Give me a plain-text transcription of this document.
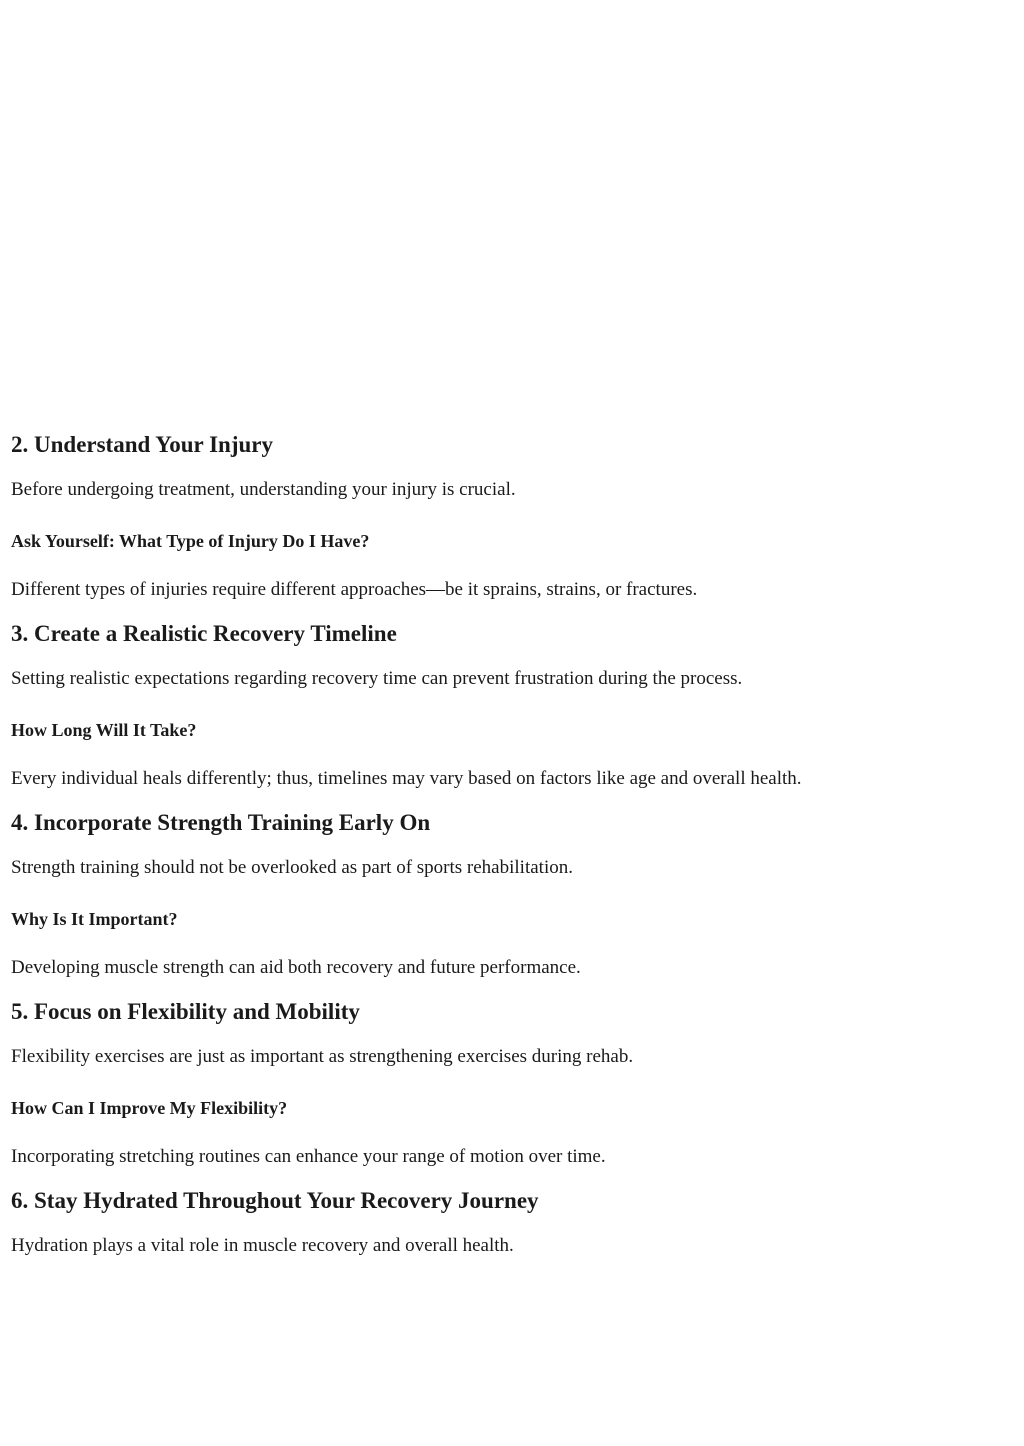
2. Understand Your Injury

Before undergoing treatment, understanding your injury is crucial.

Ask Yourself: What Type of Injury Do I Have?

Different types of injuries require different approaches—be it sprains, strains, or fractures.

3. Create a Realistic Recovery Timeline

Setting realistic expectations regarding recovery time can prevent frustration during the process.

How Long Will It Take?

Every individual heals differently; thus, timelines may vary based on factors like age and overall health.

4. Incorporate Strength Training Early On

Strength training should not be overlooked as part of sports rehabilitation.

Why Is It Important?

Developing muscle strength can aid both recovery and future performance.

5. Focus on Flexibility and Mobility

Flexibility exercises are just as important as strengthening exercises during rehab.

How Can I Improve My Flexibility?

Incorporating stretching routines can enhance your range of motion over time.

6. Stay Hydrated Throughout Your Recovery Journey

Hydration plays a vital role in muscle recovery and overall health.
